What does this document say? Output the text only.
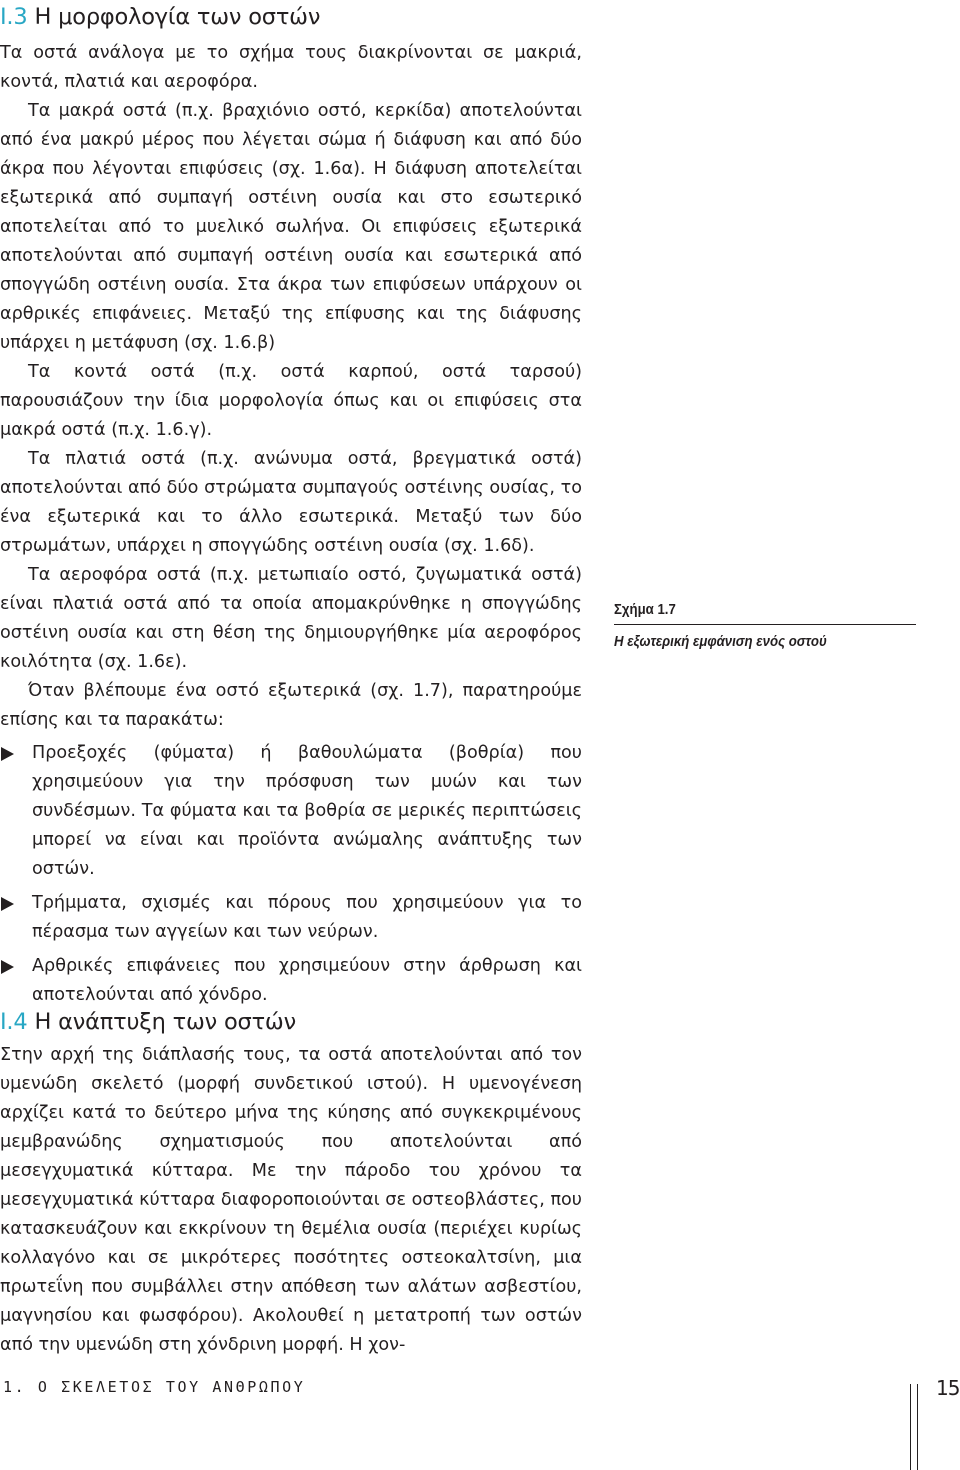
I.3 Η μορφολογία των οστών

Τα οστά ανάλογα με το σχήμα τους διακρίνονται σε μακριά, κοντά, πλατιά και αεροφόρα.

Τα μακρά οστά (π.χ. βραχιόνιο οστό, κερκίδα) αποτελούνται από ένα μακρύ μέρος που λέγεται σώμα ή διάφυση και από δύο άκρα που λέγονται επιφύσεις (σχ. 1.6α). Η διάφυση αποτελείται εξωτερικά από συμπαγή οστέινη ουσία και στο εσωτερικό αποτελείται από το μυελικό σωλήνα. Οι επιφύσεις εξωτερικά αποτελούνται από συμπαγή οστέινη ουσία και εσωτερικά από σπογγώδη οστέινη ουσία. Στα άκρα των επιφύσεων υπάρχουν οι αρθρικές επιφάνειες. Μεταξύ της επίφυσης και της διάφυσης υπάρχει η μετάφυση (σχ. 1.6.β)

Τα κοντά οστά (π.χ. οστά καρπού, οστά ταρσού) παρουσιάζουν την ίδια μορφολογία όπως και οι επιφύσεις στα μακρά οστά (π.χ. 1.6.γ).

Τα πλατιά οστά (π.χ. ανώνυμα οστά, βρεγματικά οστά) αποτελούνται από δύο στρώματα συμπαγούς οστέινης ουσίας, το ένα εξωτερικά και το άλλο εσωτερικά. Μεταξύ των δύο στρωμάτων, υπάρχει η σπογγώδης οστέινη ουσία (σχ. 1.6δ).

Τα αεροφόρα οστά (π.χ. μετωπιαίο οστό, ζυγωματικά οστά) είναι πλατιά οστά από τα οποία απομακρύνθηκε η σπογγώδης οστέινη ουσία και στη θέση της δημιουργήθηκε μία αεροφόρος κοιλότητα (σχ. 1.6ε).

Όταν βλέπουμε ένα οστό εξωτερικά (σχ. 1.7), παρατηρούμε επίσης και τα παρακάτω:

Προεξοχές (φύματα) ή βαθουλώματα (βοθρία) που χρησιμεύουν για την πρόσφυση των μυών και των συνδέσμων. Τα φύματα και τα βοθρία σε μερικές περιπτώσεις μπορεί να είναι και προϊόντα ανώμαλης ανάπτυξης των οστών.
Τρήμματα, σχισμές και πόρους που χρησιμεύουν για το πέρασμα των αγγείων και των νεύρων.
Αρθρικές επιφάνειες που χρησιμεύουν στην άρθρωση και αποτελούνται από χόνδρο.
Σχήμα 1.7
Η εξωτερική εμφάνιση ενός οστού
I.4 Η ανάπτυξη των οστών

Στην αρχή της διάπλασής τους, τα οστά αποτελούνται από τον υμενώδη σκελετό (μορφή συνδετικού ιστού). Η υμενογένεση αρχίζει κατά το δεύτερο μήνα της κύησης από συγκεκριμένους μεμβρανώδης σχηματισμούς που αποτελούνται από μεσεγχυματικά κύτταρα. Με την πάροδο του χρόνου τα μεσεγχυματικά κύτταρα διαφοροποιούνται σε οστεοβλάστες, που κατασκευάζουν και εκκρίνουν τη θεμέλια ουσία (περιέχει κυρίως κολλαγόνο και σε μικρότερες ποσότητες οστεοκαλτσίνη, μια πρωτεΐνη που συμβάλλει στην απόθεση των αλάτων ασβεστίου, μαγνησίου και φωσφόρου). Ακολουθεί η μετατροπή των οστών από την υμενώδη στη χόνδρινη μορφή. Η χον-

1. Ο ΣΚΕΛΕΤΟΣ ΤΟΥ ΑΝΘΡΩΠΟΥ	15
